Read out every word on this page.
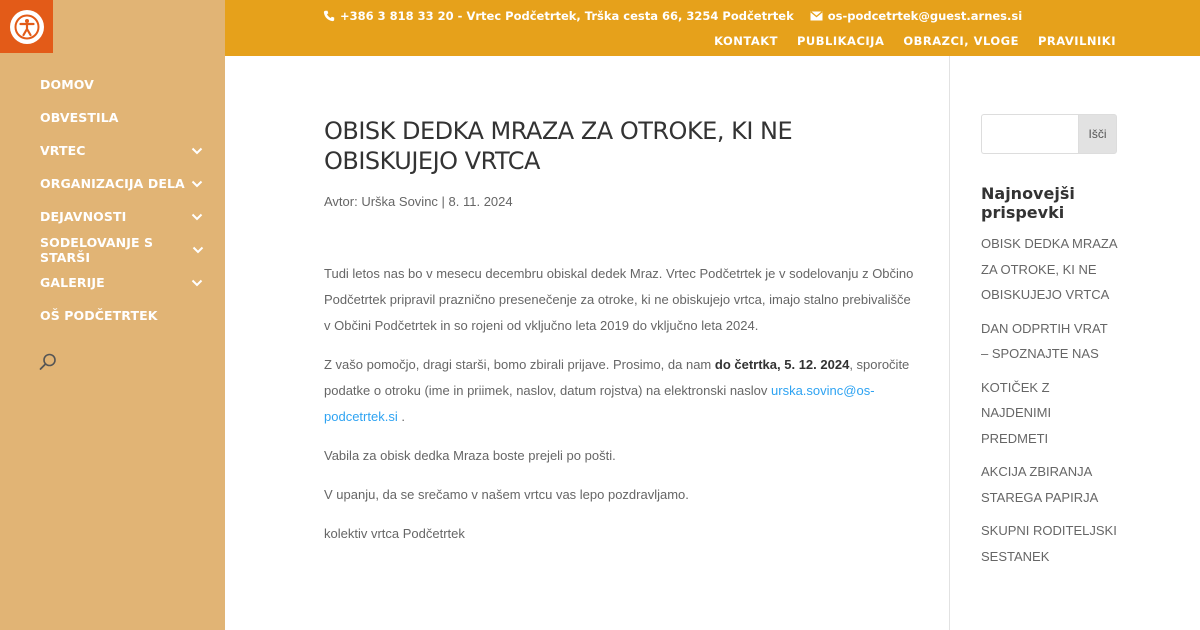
DOMOV
OBVESTILA
VRTEC
ORGANIZACIJA DELA
DEJAVNOSTI
SODELOVANJE S STARŠI
GALERIJE
OŠ PODČETRTEK
+386 3 818 33 20 - Vrtec Podčetrtek, Trška cesta 66, 3254 Podčetrtek	os-podcetrtek@guest.arnes.si
KONTAKT PUBLIKACIJA OBRAZCI, VLOGE PRAVILNIKI
OBISK DEDKA MRAZA ZA OTROKE, KI NE OBISKUJEJO VRTCA
Avtor: Urška Sovinc | 8. 11. 2024

Tudi letos nas bo v mesecu decembru obiskal dedek Mraz. Vrtec Podčetrtek je v sodelovanju z Občino Podčetrtek pripravil praznično presenečenje za otroke, ki ne obiskujejo vrtca, imajo stalno prebivališče v Občini Podčetrtek in so rojeni od vključno leta 2019 do vključno leta 2024.

Z vašo pomočjo, dragi starši, bomo zbirali prijave. Prosimo, da nam do četrtka, 5. 12. 2024, sporočite podatke o otroku (ime in priimek, naslov, datum rojstva) na elektronski naslov urska.sovinc@os-podcetrtek.si .

Vabila za obisk dedka Mraza boste prejeli po pošti.

V upanju, da se srečamo v našem vrtcu vas lepo pozdravljamo.

kolektiv vrtca Podčetrtek

Išči
Najnovejši prispevki
OBISK DEDKA MRAZA ZA OTROKE, KI NE OBISKUJEJO VRTCA
DAN ODPRTIH VRAT – SPOZNAJTE NAS
KOTIČEK Z NAJDENIMI PREDMETI
AKCIJA ZBIRANJA STAREGA PAPIRJA
SKUPNI RODITELJSKI SESTANEK
